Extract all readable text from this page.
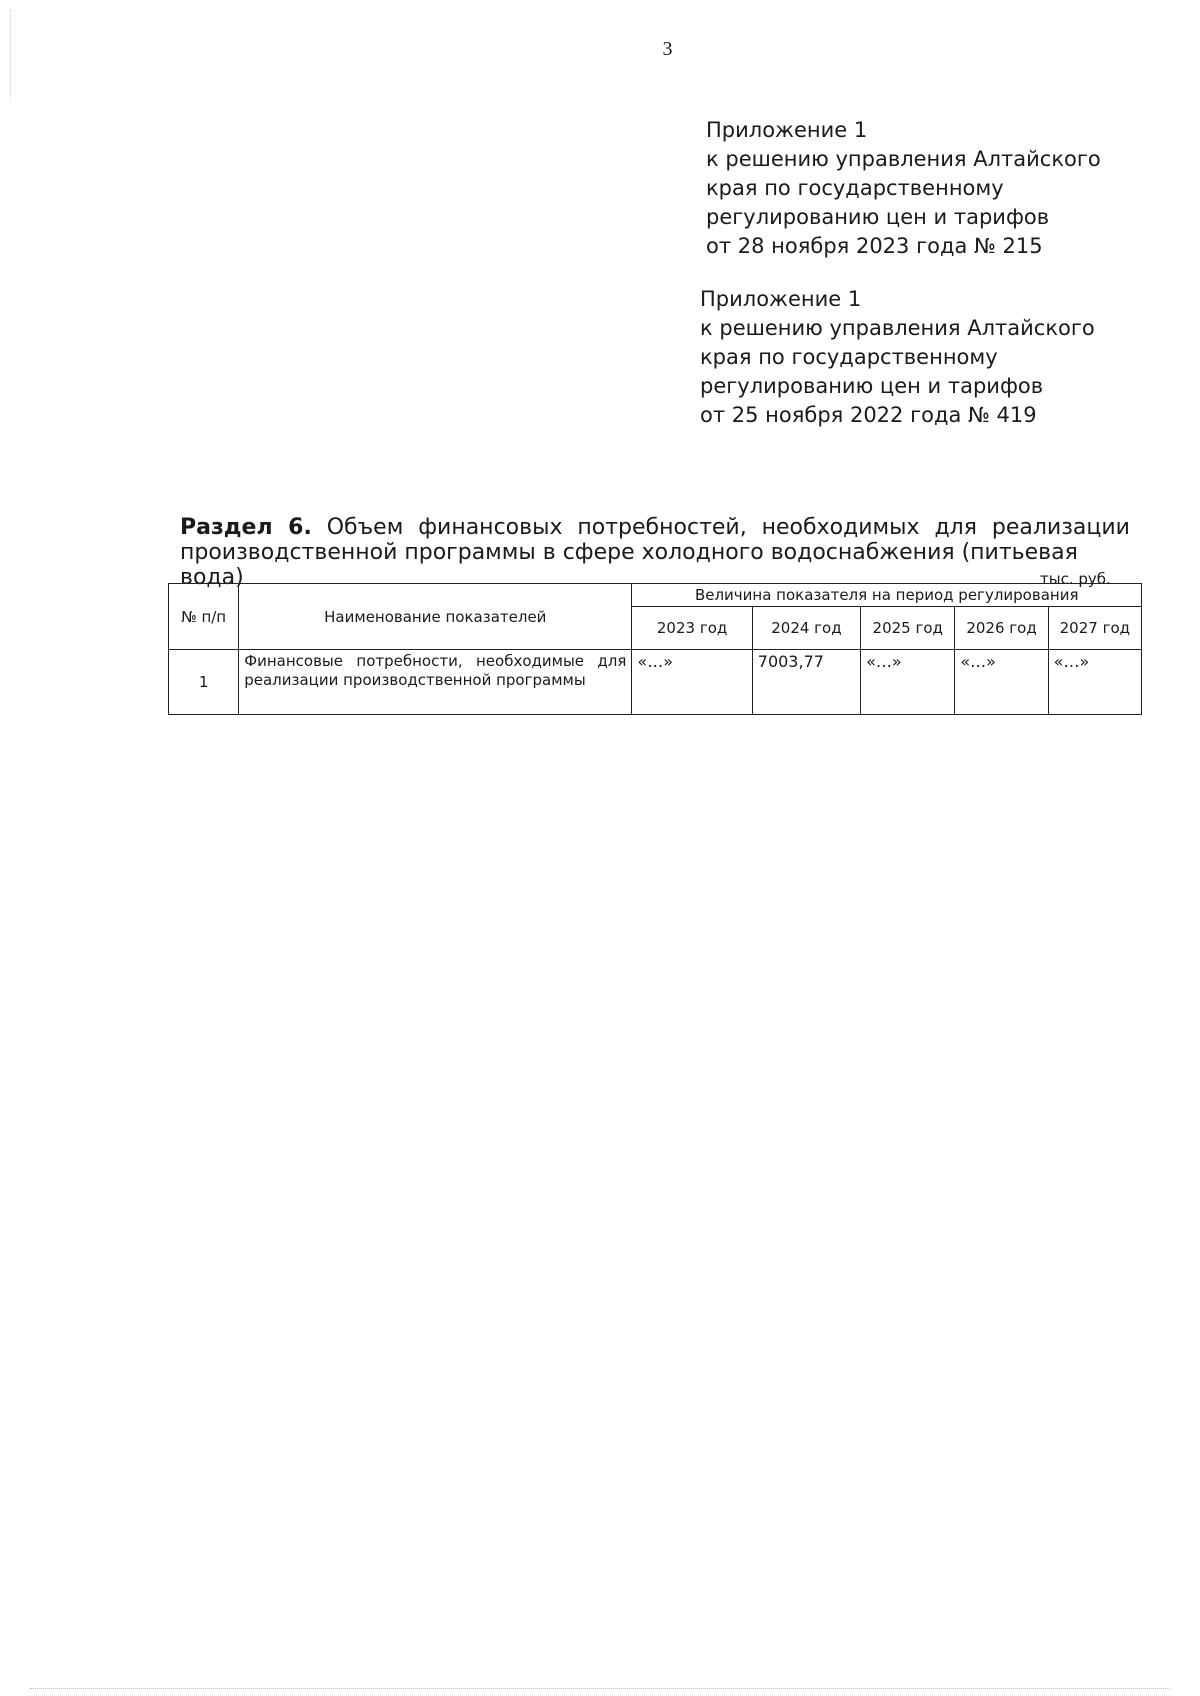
3
Приложение 1
к решению управления Алтайского
края по государственному
регулированию цен и тарифов
от 28 ноября 2023 года № 215
Приложение 1
к решению управления Алтайского
края по государственному
регулированию цен и тарифов
от 25 ноября 2022 года № 419
Раздел 6. Объем финансовых потребностей, необходимых для реализации
производственной программы в сфере холодного водоснабжения (питьевая вода)	тыс. руб.
№ п/п	Наименование показателей	Величина показателя на период регулирования				
		2023 год	2024 год	2025 год	2026 год	2027 год
1	Финансовые потребности, необходимые для реализации производственной программы	«…»	7003,77	«…»	«…»	«…»
